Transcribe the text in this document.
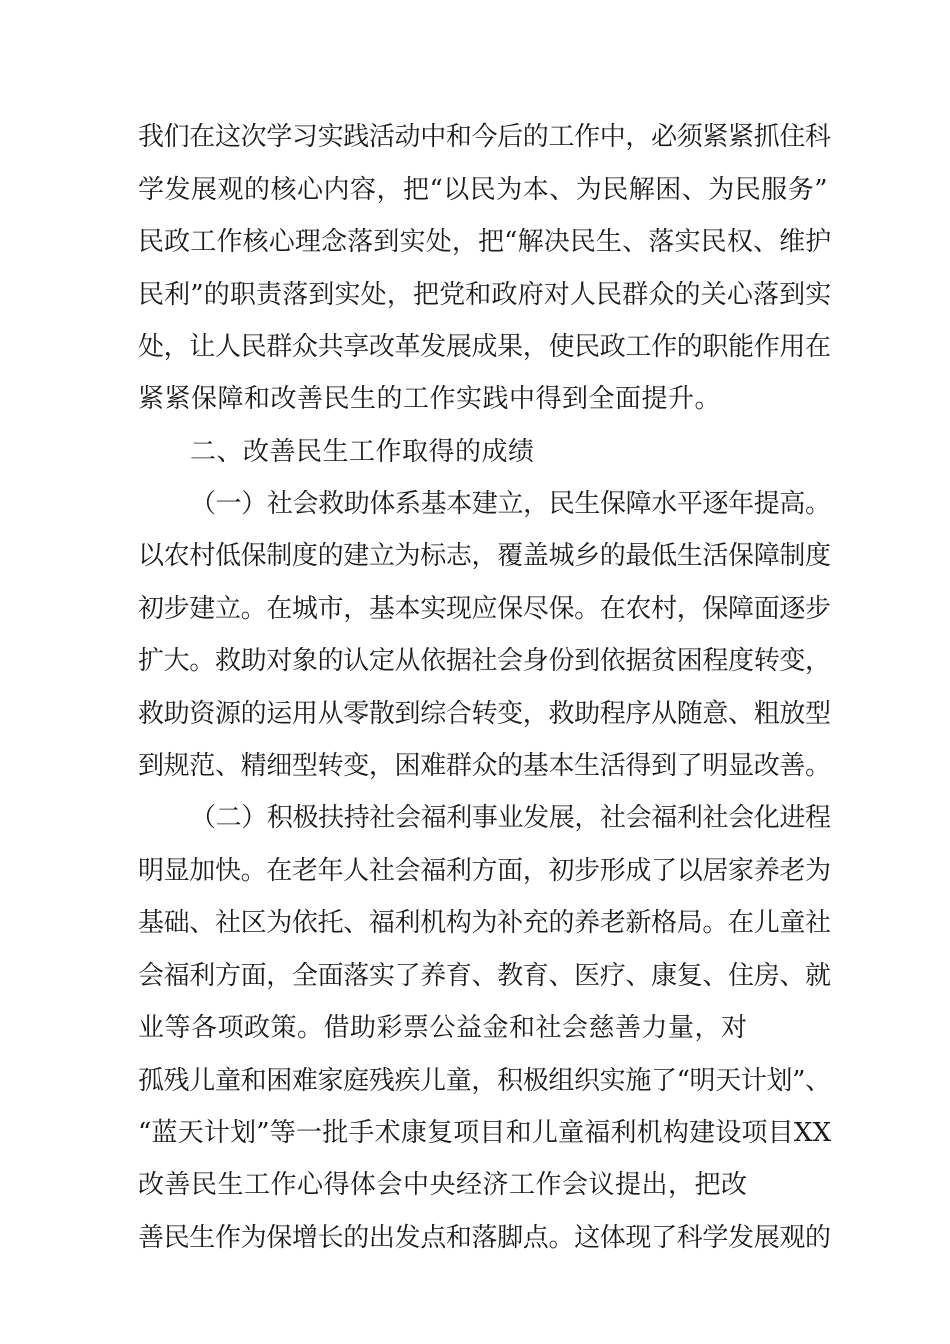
我们在这次学习实践活动中和今后的工作中，必须紧紧抓住科
学发展观的核心内容，把“以民为本、为民解困、为民服务”
民政工作核心理念落到实处，把“解决民生、落实民权、维护
民利”的职责落到实处，把党和政府对人民群众的关心落到实
处，让人民群众共享改革发展成果，使民政工作的职能作用在
紧紧保障和改善民生的工作实践中得到全面提升。
二、改善民生工作取得的成绩
（一）社会救助体系基本建立，民生保障水平逐年提高。
以农村低保制度的建立为标志，覆盖城乡的最低生活保障制度
初步建立。在城市，基本实现应保尽保。在农村，保障面逐步
扩大。救助对象的认定从依据社会身份到依据贫困程度转变，
救助资源的运用从零散到综合转变，救助程序从随意、粗放型
到规范、精细型转变，困难群众的基本生活得到了明显改善。
（二）积极扶持社会福利事业发展，社会福利社会化进程
明显加快。在老年人社会福利方面，初步形成了以居家养老为
基础、社区为依托、福利机构为补充的养老新格局。在儿童社
会福利方面，全面落实了养育、教育、医疗、康复、住房、就
业等各项政策。借助彩票公益金和社会慈善力量，对
孤残儿童和困难家庭残疾儿童，积极组织实施了“明天计划”、
“蓝天计划”等一批手术康复项目和儿童福利机构建设项目XX
改善民生工作心得体会中央经济工作会议提出，把改
善民生作为保增长的出发点和落脚点。这体现了科学发展观的
